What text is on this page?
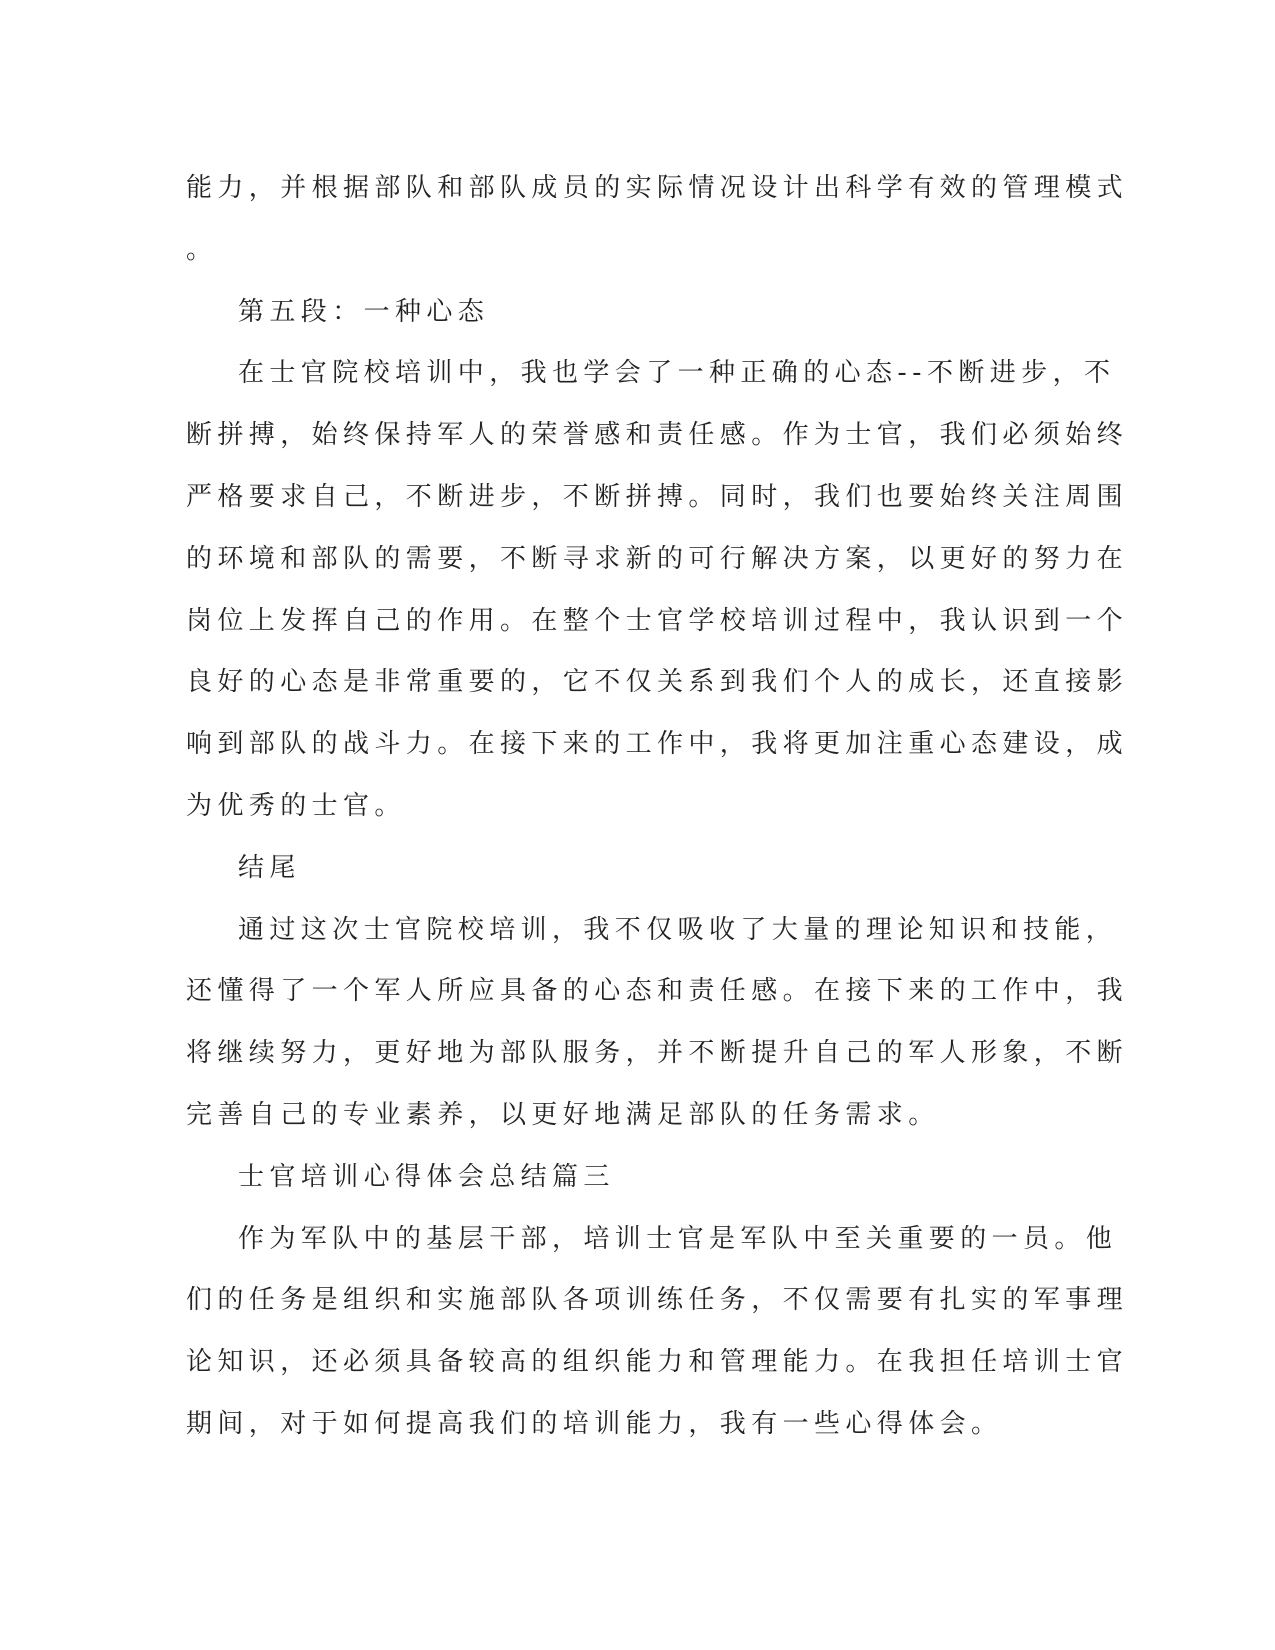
能力，并根据部队和部队成员的实际情况设计出科学有效的管理模式
。
第五段：一种心态
在士官院校培训中，我也学会了一种正确的心态--不断进步，不
断拼搏，始终保持军人的荣誉感和责任感。作为士官，我们必须始终
严格要求自己，不断进步，不断拼搏。同时，我们也要始终关注周围
的环境和部队的需要，不断寻求新的可行解决方案，以更好的努力在
岗位上发挥自己的作用。在整个士官学校培训过程中，我认识到一个
良好的心态是非常重要的，它不仅关系到我们个人的成长，还直接影
响到部队的战斗力。在接下来的工作中，我将更加注重心态建设，成
为优秀的士官。
结尾
通过这次士官院校培训，我不仅吸收了大量的理论知识和技能，
还懂得了一个军人所应具备的心态和责任感。在接下来的工作中，我
将继续努力，更好地为部队服务，并不断提升自己的军人形象，不断
完善自己的专业素养，以更好地满足部队的任务需求。
士官培训心得体会总结篇三
作为军队中的基层干部，培训士官是军队中至关重要的一员。他
们的任务是组织和实施部队各项训练任务，不仅需要有扎实的军事理
论知识，还必须具备较高的组织能力和管理能力。在我担任培训士官
期间，对于如何提高我们的培训能力，我有一些心得体会。
